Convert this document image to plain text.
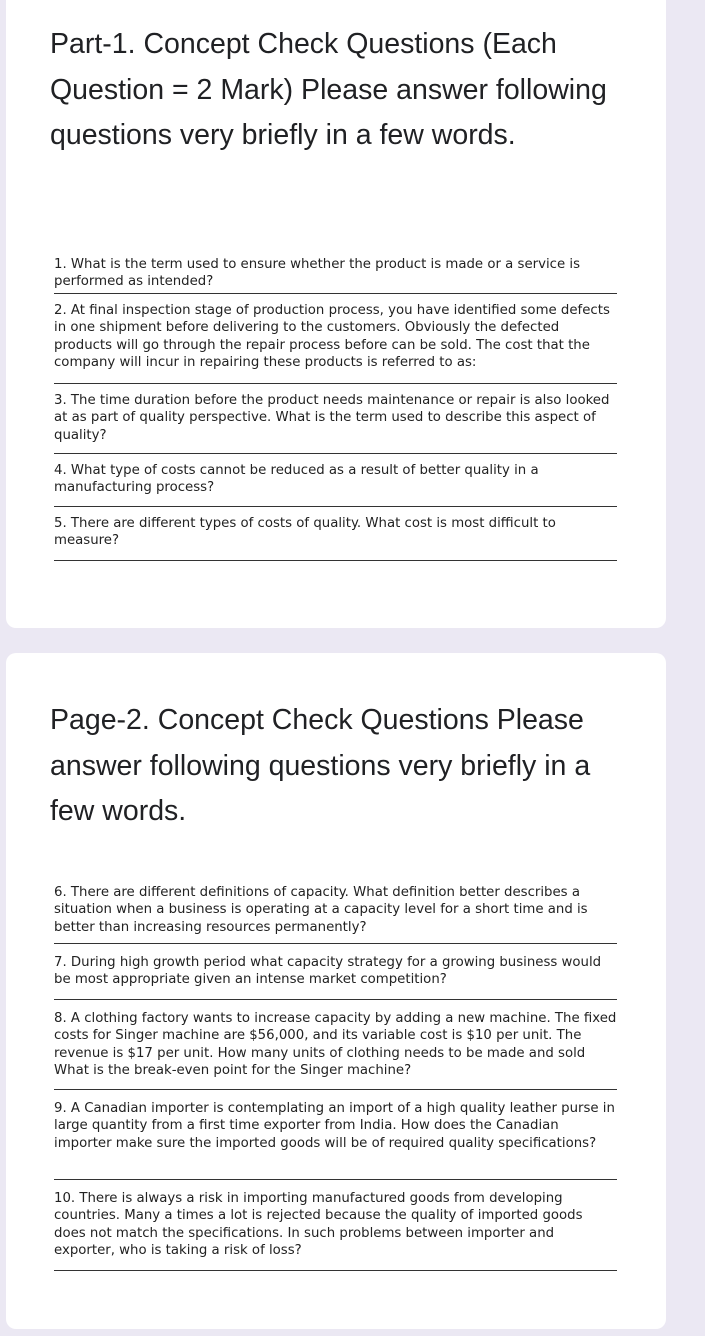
Part-1. Concept Check Questions (Each Question = 2 Mark) Please answer following questions very briefly in a few words.
1. What is the term used to ensure whether the product is made or a service is performed as intended?
2. At final inspection stage of production process, you have identified some defects in one shipment before delivering to the customers. Obviously the defected products will go through the repair process before can be sold. The cost that the company will incur in repairing these products is referred to as:
3. The time duration before the product needs maintenance or repair is also looked at as part of quality perspective. What is the term used to describe this aspect of quality?
4. What type of costs cannot be reduced as a result of better quality in a manufacturing process?
5. There are different types of costs of quality. What cost is most difficult to measure?
Page-2. Concept Check Questions Please answer following questions very briefly in a few words.
6. There are different definitions of capacity. What definition better describes a situation when a business is operating at a capacity level for a short time and is better than increasing resources permanently?
7. During high growth period what capacity strategy for a growing business would be most appropriate given an intense market competition?
8. A clothing factory wants to increase capacity by adding a new machine. The fixed costs for Singer machine are $56,000, and its variable cost is $10 per unit. The revenue is $17 per unit. How many units of clothing needs to be made and sold What is the break-even point for the Singer machine?
9. A Canadian importer is contemplating an import of a high quality leather purse in large quantity from a first time exporter from India. How does the Canadian importer make sure the imported goods will be of required quality specifications?
10. There is always a risk in importing manufactured goods from developing countries. Many a times a lot is rejected because the quality of imported goods does not match the specifications. In such problems between importer and exporter, who is taking a risk of loss?
